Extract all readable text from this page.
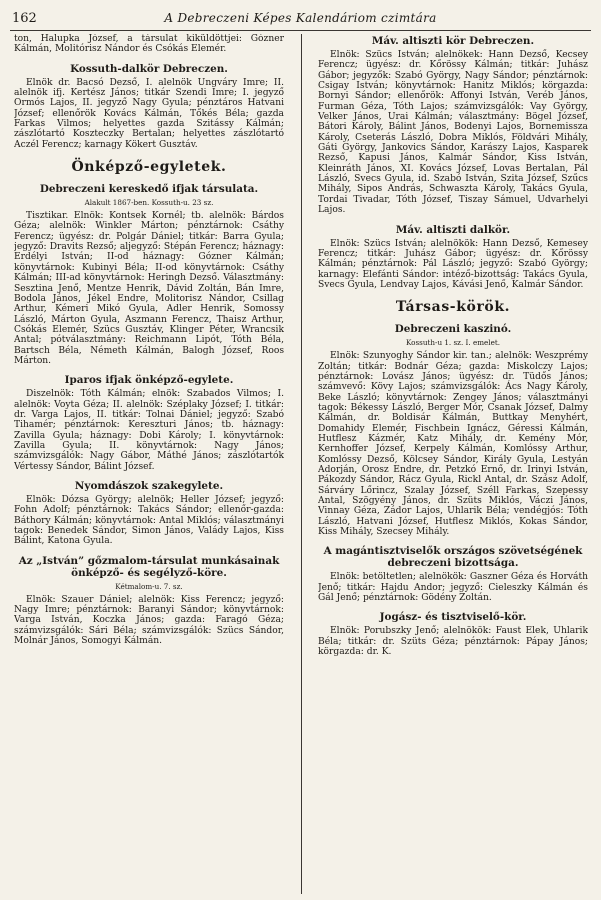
162	A Debreczeni Képes Kalendáriom czimtára

ton, Halupka József, a társulat kiküldöttjei: Gózner Kálmán, Molitórisz Nándor és Csókás Elemér.

Kossuth-dalkör Debreczen.

Elnök dr. Bacsó Dezső, I. alelnök Ungváry Imre; II. alelnök ifj. Kertész János; titkár Szendi Imre; I. jegyző Ormós Lajos, II. jegyző Nagy Gyula; pénztáros Hatvani József; ellenőrök Kovács Kálmán, Tőkés Béla; gazda Farkas Vilmos; helyettes gazda Szitássy Kálmán; zászlótartó Koszteczky Bertalan; helyettes zászlótartó Aczél Ferencz; karnagy Kökert Gusztáv.

Önképző-egyletek.
Debreczeni kereskedő ifjak társulata.

Alakult 1867-ben. Kossuth-u. 23 sz.

Tisztikar. Elnök: Kontsek Kornél; tb. alelnök: Bárdos Géza; alelnök: Winkler Márton; pénztárnok: Csáthy Ferencz; ügyész: dr. Polgár Dániel; titkár: Barra Gyula; jegyző: Dravits Rezső; aljegyző: Stépán Ferencz; háznagy: Erdélyi István; II-od háznagy: Gózner Kálmán; könyvtárnok: Kubinyi Béla; II-od könyvtárnok: Csáthy Kálmán; III-ad könyvtárnok: Heringh Dezső. Választmány: Sesztina Jenő, Mentze Henrik, Dávid Zoltán, Bán Imre, Bodola János, Jékel Endre, Molitorisz Nándor, Csillag Arthur, Kémeri Mikó Gyula, Adler Henrik, Somossy László, Márton Gyula, Aszmann Ferencz, Thaisz Arthur, Csókás Elemér, Szücs Gusztáv, Klinger Péter, Wrancsik Antal; pótválasztmány: Reichmann Lipót, Tóth Béla, Bartsch Béla, Németh Kálmán, Balogh József, Roos Márton.

Iparos ifjak önképző-egylete.

Diszelnök: Tóth Kálmán; elnök: Szabados Vilmos; I. alelnök: Voyta Géza; II. alelnök: Széplaky József; I. titkár: dr. Varga Lajos, II. titkár: Tolnai Dániel; jegyző: Szabó Tihamér; pénztárnok: Kereszturi János; tb. háznagy: Zavilla Gyula; háznagy: Dobi Károly; I. könyvtárnok: Zavilla Gyula; II. könyvtárnok: Nagy János; számvizsgálók: Nagy Gábor, Máthé János; zászlótartók Vértessy Sándor, Bálint József.

Nyomdászok szakegylete.

Elnök: Dózsa György; alelnök; Heller József; jegyző: Fohn Adolf; pénztárnok: Takács Sándor; ellenőr-gazda: Báthory Kálmán; könyvtárnok: Antal Miklós; választmányi tagok: Benedek Sándor, Simon János, Valády Lajos, Kiss Bálint, Katona Gyula.

Az „István” gőzmalom-társulat munkásainak önképző- és segélyző-köre.

Kétmalom-u. 7. sz.

Elnök: Szauer Dániel; alelnök: Kiss Ferencz; jegyző: Nagy Imre; pénztárnok: Baranyi Sándor; könyvtárnok: Varga István, Koczka János; gazda: Faragó Géza; számvizsgálók: Sári Béla; számvizsgálók: Szücs Sándor, Molnár János, Somogyi Kálmán.

Máv. altiszti kör Debreczen.

Elnök: Szücs István; alelnökek: Hann Dezső, Kecsey Ferencz; ügyész: dr. Kőrössy Kálmán; titkár: Juhász Gábor; jegyzők: Szabó György, Nagy Sándor; pénztárnok: Csigay István; könyvtárnok: Hanitz Miklós; körgazda: Bornyi Sándor; ellenőrök: Affonyi István, Veréb János, Furman Géza, Tóth Lajos; számvizsgálók: Vay György, Velker János, Urai Kálmán; választmány: Bögel József, Bátori Károly, Bálint János, Bodenyi Lajos, Bornemissza Károly, Cseterás László, Dobra Miklós, Földvári Mihály, Gáti György, Jankovics Sándor, Karászy Lajos, Kasparek Rezső, Kapusi János, Kalmár Sándor, Kiss István, Kleinráth János, XI. Kovács József, Lovas Bertalan, Pál László, Svecs Gyula, id. Szabó István, Szita József, Szűcs Mihály, Sipos András, Schwaszta Károly, Takács Gyula, Tordai Tivadar, Tóth József, Tiszay Sámuel, Udvarhelyi Lajos.

Máv. altiszti dalkör.

Elnök: Szücs István; alelnökök: Hann Dezső, Kemesey Ferencz; titkár: Juhász Gábor; ügyész: dr. Kőrössy Kálmán; pénztárnok: Pál László; jegyző: Szabó György; karnagy: Elefánti Sándor: intéző-bizottság: Takács Gyula, Svecs Gyula, Lendvay Lajos, Kávási Jenő, Kalmár Sándor.

Társas-körök.
Debreczeni kaszinó.

Kossuth-u 1. sz. I. emelet.

Elnök: Szunyoghy Sándor kir. tan.; alelnök: Weszprémy Zoltán; titkár: Bodnár Géza; gazda: Miskolczy Lajos; pénztárnok: Lovász János; ügyész: dr. Tüdős János; számvevő: Kövy Lajos; számvizsgálók: Ács Nagy Károly, Beke László; könyvtárnok: Zengey János; választmányi tagok: Békessy László, Berger Mór, Csanak József, Dalmy Kálmán, dr. Boldisár Kálmán, Buttkay Menyhért, Domahidy Elemér, Fischbein Ignácz, Géressi Kálmán, Hutflesz Kázmér, Katz Mihály, dr. Kemény Mór, Kernhoffer József, Kerpely Kálmán, Komlóssy Arthur, Komlóssy Dezső, Kölcsey Sándor, Király Gyula, Lestyán Adorján, Orosz Endre, dr. Petzkó Ernő, dr. Irinyi István, Pákozdy Sándor, Rácz Gyula, Rickl Antal, dr. Szász Adolf, Sárváry Lőrincz, Szalay József, Széll Farkas, Szepessy Antal, Szögyény János, dr. Szüts Miklós, Váczi János, Vinnay Géza, Zádor Lajos, Uhlarik Béla; vendégjós: Tóth László, Hatvani József, Hutflesz Miklós, Kokas Sándor, Kiss Mihály, Szecsey Mihály.

A magántisztviselők országos szövetségének debreczeni bizottsága.

Elnök: betöltetlen; alelnökök: Gaszner Géza és Horváth Jenő; titkár: Hajdu Andor; jegyző: Cieleszky Kálmán és Gál Jenő; pénztárnok: Gödény Zoltán.

Jogász- és tisztviselő-kör.

Elnök: Porubszky Jenő; alelnökök: Faust Elek, Uhlarik Béla; titkár: dr. Szüts Géza; pénztárnok: Pápay János; körgazda: dr. K.
